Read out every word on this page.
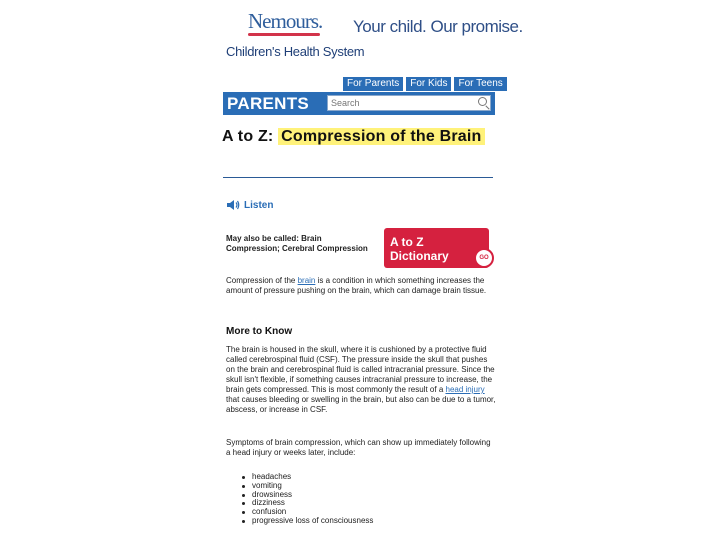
Nemours.
Children's Health System
Your child. Our promise.
For Parents	For Kids	For Teens
PARENTS
Search
A to Z: Compression of the Brain
Listen
May also be called: Brain Compression; Cerebral Compression	A to Z
Dictionary	GO
Compression of the brain is a condition in which something increases the amount of pressure pushing on the brain, which can damage brain tissue.
More to Know
The brain is housed in the skull, where it is cushioned by a protective fluid called cerebrospinal fluid (CSF). The pressure inside the skull that pushes on the brain and cerebrospinal fluid is called intracranial pressure. Since the skull isn't flexible, if something causes intracranial pressure to increase, the brain gets compressed. This is most commonly the result of a head injury that causes bleeding or swelling in the brain, but also can be due to a tumor, abscess, or increase in CSF.
Symptoms of brain compression, which can show up immediately following a head injury or weeks later, include:
headaches
vomiting
drowsiness
dizziness
confusion
progressive loss of consciousness
